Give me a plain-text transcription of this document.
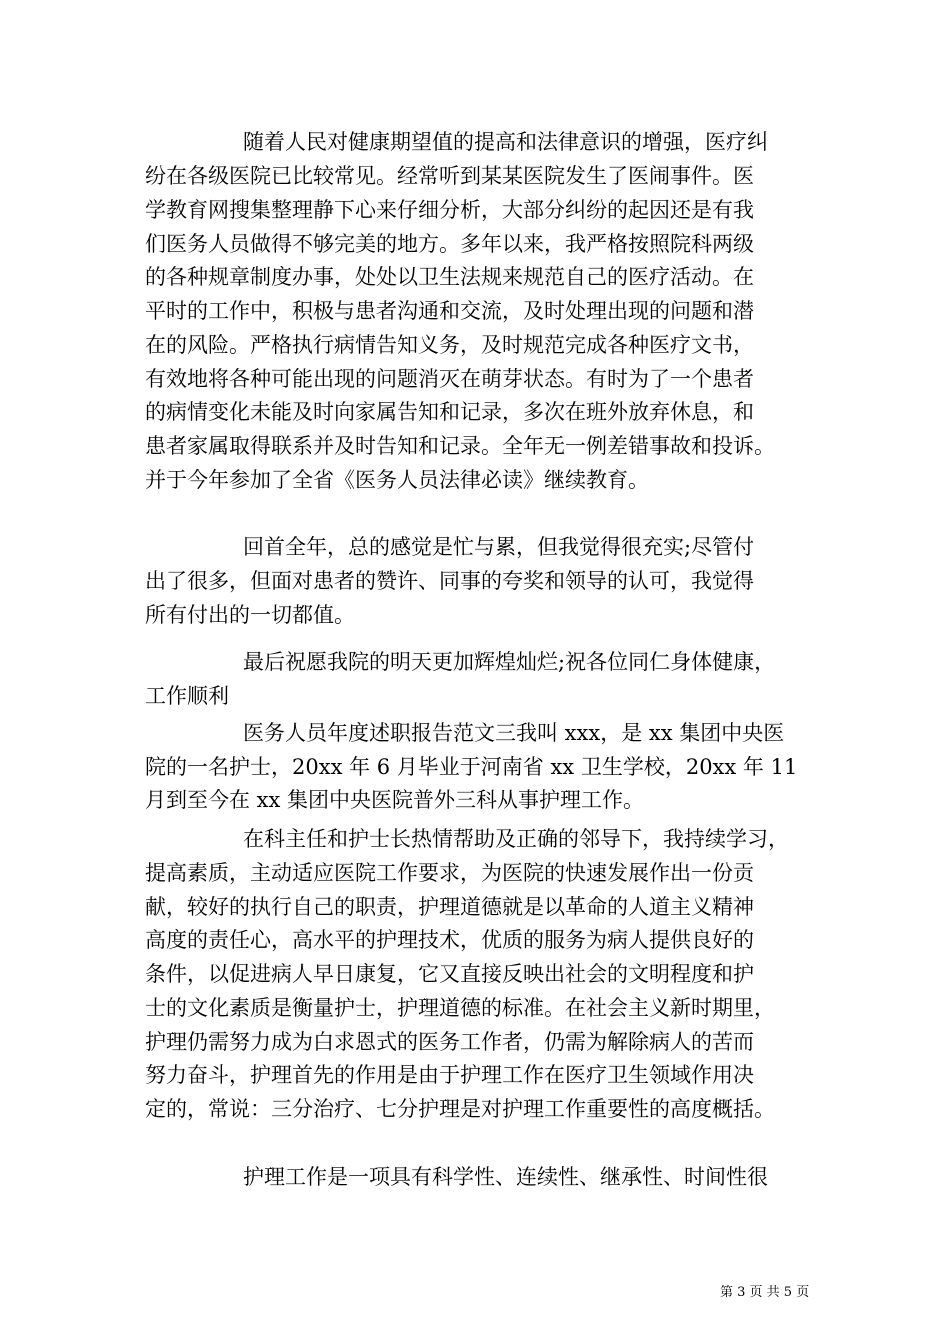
随着人民对健康期望值的提高和法律意识的增强，医疗纠
纷在各级医院已比较常见。经常听到某某医院发生了医闹事件。医
学教育网搜集整理静下心来仔细分析，大部分纠纷的起因还是有我
们医务人员做得不够完美的地方。多年以来，我严格按照院科两级
的各种规章制度办事，处处以卫生法规来规范自己的医疗活动。在
平时的工作中，积极与患者沟通和交流，及时处理出现的问题和潜
在的风险。严格执行病情告知义务，及时规范完成各种医疗文书，
有效地将各种可能出现的问题消灭在萌芽状态。有时为了一个患者
的病情变化未能及时向家属告知和记录，多次在班外放弃休息，和
患者家属取得联系并及时告知和记录。全年无一例差错事故和投诉。
并于今年参加了全省《医务人员法律必读》继续教育。
回首全年，总的感觉是忙与累，但我觉得很充实;尽管付
出了很多，但面对患者的赞许、同事的夸奖和领导的认可，我觉得
所有付出的一切都值。
最后祝愿我院的明天更加辉煌灿烂;祝各位同仁身体健康，
工作顺利
医务人员年度述职报告范文三我叫 xxx，是 xx 集团中央医
院的一名护士，20xx 年 6 月毕业于河南省 xx 卫生学校，20xx 年 11
月到至今在 xx 集团中央医院普外三科从事护理工作。
在科主任和护士长热情帮助及正确的邻导下，我持续学习，
提高素质，主动适应医院工作要求，为医院的快速发展作出一份贡
献，较好的执行自己的职责，护理道德就是以革命的人道主义精神
高度的责任心，高水平的护理技术，优质的服务为病人提供良好的
条件，以促进病人早日康复，它又直接反映出社会的文明程度和护
士的文化素质是衡量护士，护理道德的标准。在社会主义新时期里，
护理仍需努力成为白求恩式的医务工作者，仍需为解除病人的苦而
努力奋斗，护理首先的作用是由于护理工作在医疗卫生领域作用决
定的，常说：三分治疗、七分护理是对护理工作重要性的高度概括。
护理工作是一项具有科学性、连续性、继承性、时间性很
第 3 页 共 5 页
